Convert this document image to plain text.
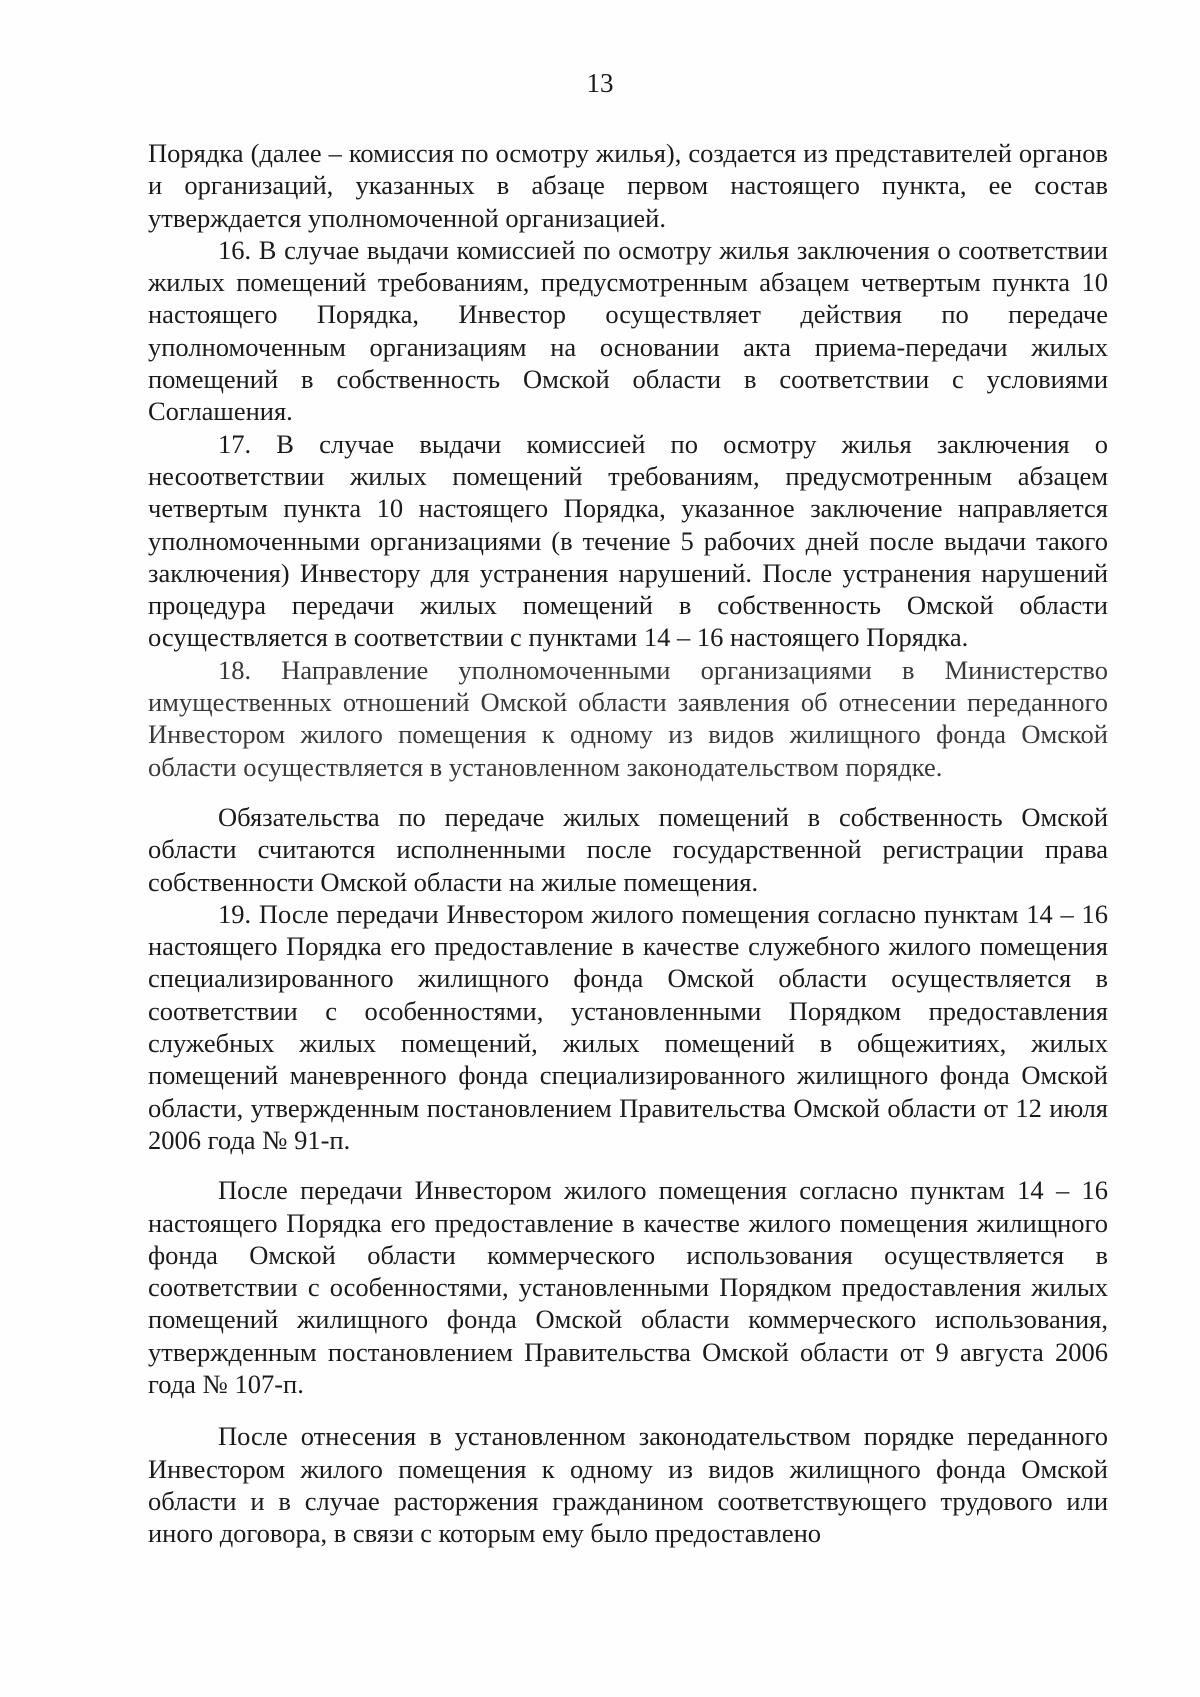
13

Порядка (далее – комиссия по осмотру жилья), создается из представителей органов и организаций, указанных в абзаце первом настоящего пункта, ее состав утверждается уполномоченной организацией.

16. В случае выдачи комиссией по осмотру жилья заключения о соответствии жилых помещений требованиям, предусмотренным абзацем четвертым пункта 10 настоящего Порядка, Инвестор осуществляет действия по передаче уполномоченным организациям на основании акта приема-передачи жилых помещений в собственность Омской области в соответствии с условиями Соглашения.

17. В случае выдачи комиссией по осмотру жилья заключения о несоответствии жилых помещений требованиям, предусмотренным абзацем четвертым пункта 10 настоящего Порядка, указанное заключение направляется уполномоченными организациями (в течение 5 рабочих дней после выдачи такого заключения) Инвестору для устранения нарушений. После устранения нарушений процедура передачи жилых помещений в собственность Омской области осуществляется в соответствии с пунктами 14 – 16 настоящего Порядка.

18. Направление уполномоченными организациями в Министерство имущественных отношений Омской области заявления об отнесении переданного Инвестором жилого помещения к одному из видов жилищного фонда Омской области осуществляется в установленном законодательством порядке.

Обязательства по передаче жилых помещений в собственность Омской области считаются исполненными после государственной регистрации права собственности Омской области на жилые помещения.

19. После передачи Инвестором жилого помещения согласно пунктам 14 – 16 настоящего Порядка его предоставление в качестве служебного жилого помещения специализированного жилищного фонда Омской области осуществляется в соответствии с особенностями, установленными Порядком предоставления служебных жилых помещений, жилых помещений в общежитиях, жилых помещений маневренного фонда специализированного жилищного фонда Омской области, утвержденным постановлением Правительства Омской области от 12 июля 2006 года № 91-п.

После передачи Инвестором жилого помещения согласно пунктам 14 – 16 настоящего Порядка его предоставление в качестве жилого помещения жилищного фонда Омской области коммерческого использования осуществляется в соответствии с особенностями, установленными Порядком предоставления жилых помещений жилищного фонда Омской области коммерческого использования, утвержденным постановлением Правительства Омской области от 9 августа 2006 года № 107-п.

После отнесения в установленном законодательством порядке переданного Инвестором жилого помещения к одному из видов жилищного фонда Омской области и в случае расторжения гражданином соответствующего трудового или иного договора, в связи с которым ему было предоставлено
